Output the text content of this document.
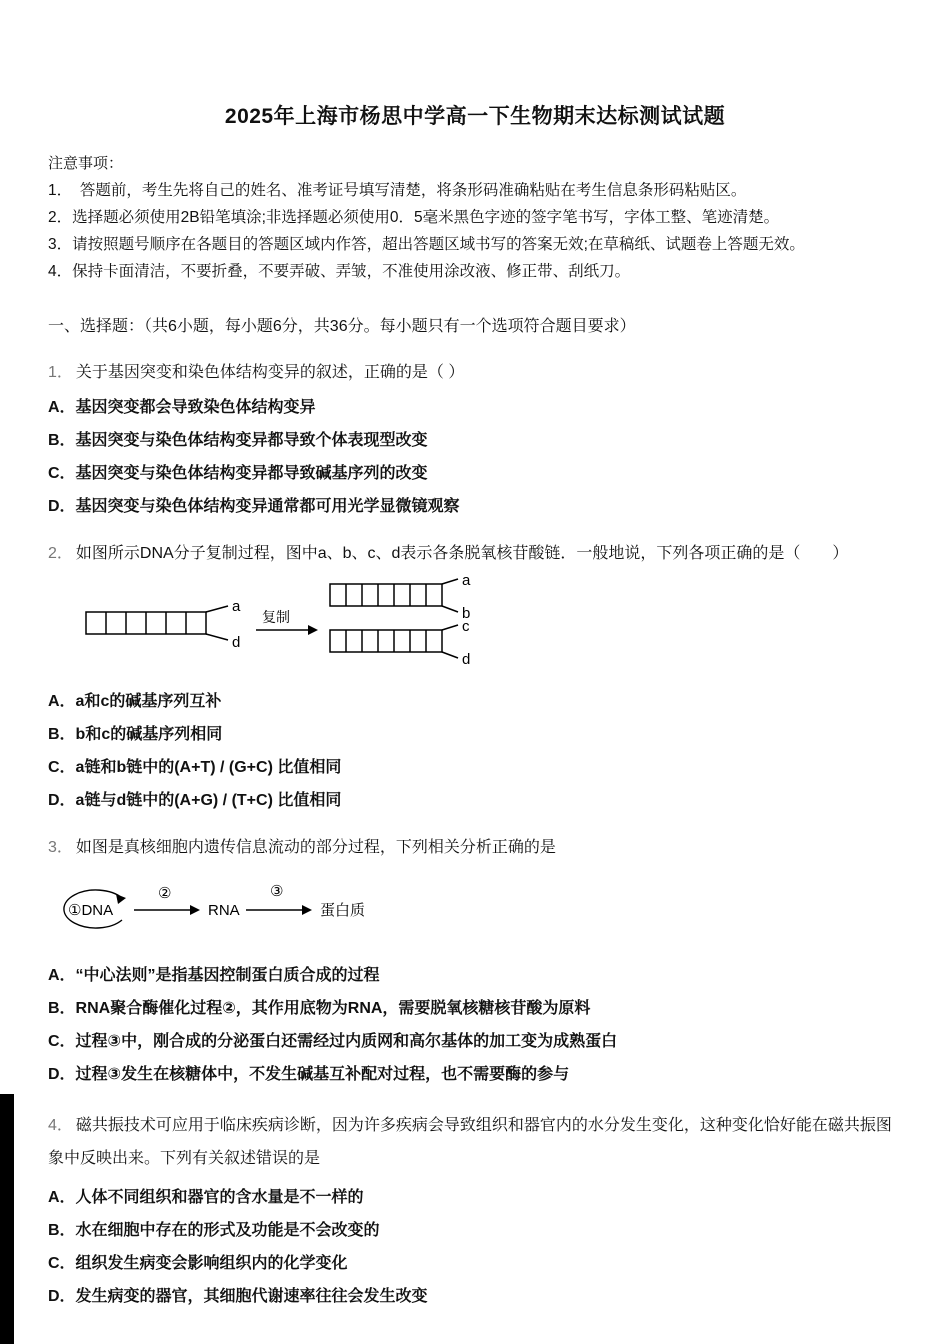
2025年上海市杨思中学高一下生物期末达标测试试题
注意事项：
1．　答题前，考生先将自己的姓名、准考证号填写清楚，将条形码准确粘贴在考生信息条形码粘贴区。
2．选择题必须使用2B铅笔填涂;非选择题必须使用0．5毫米黑色字迹的签字笔书写，字体工整、笔迹清楚。
3．请按照题号顺序在各题目的答题区域内作答，超出答题区域书写的答案无效;在草稿纸、试题卷上答题无效。
4．保持卡面清洁，不要折叠，不要弄破、弄皱，不准使用涂改液、修正带、刮纸刀。
一、选择题：（共6小题，每小题6分，共36分。每小题只有一个选项符合题目要求）
1． 关于基因突变和染色体结构变异的叙述，正确的是（ ）
A．基因突变都会导致染色体结构变异
B．基因突变与染色体结构变异都导致个体表现型改变
C．基因突变与染色体结构变异都导致碱基序列的改变
D．基因突变与染色体结构变异通常都可用光学显微镜观察
2． 如图所示DNA分子复制过程，图中a、b、c、d表示各条脱氧核苷酸链．一般地说，下列各项正确的是（　　）
a
d
复制
a
b
c
d
A．a和c的碱基序列互补
B．b和c的碱基序列相同
C．a链和b链中的(A+T) / (G+C) 比值相同
D．a链与d链中的(A+G) / (T+C) 比值相同
3． 如图是真核细胞内遗传信息流动的部分过程，下列相关分析正确的是
①DNA
②
RNA
③
蛋白质
A．“中心法则”是指基因控制蛋白质合成的过程
B．RNA聚合酶催化过程②，其作用底物为RNA，需要脱氧核糖核苷酸为原料
C．过程③中，刚合成的分泌蛋白还需经过内质网和高尔基体的加工变为成熟蛋白
D．过程③发生在核糖体中，不发生碱基互补配对过程，也不需要酶的参与
4． 磁共振技术可应用于临床疾病诊断，因为许多疾病会导致组织和器官内的水分发生变化，这种变化恰好能在磁共振图象中反映出来。下列有关叙述错误的是
A．人体不同组织和器官的含水量是不一样的
B．水在细胞中存在的形式及功能是不会改变的
C．组织发生病变会影响组织内的化学变化
D．发生病变的器官，其细胞代谢速率往往会发生改变
